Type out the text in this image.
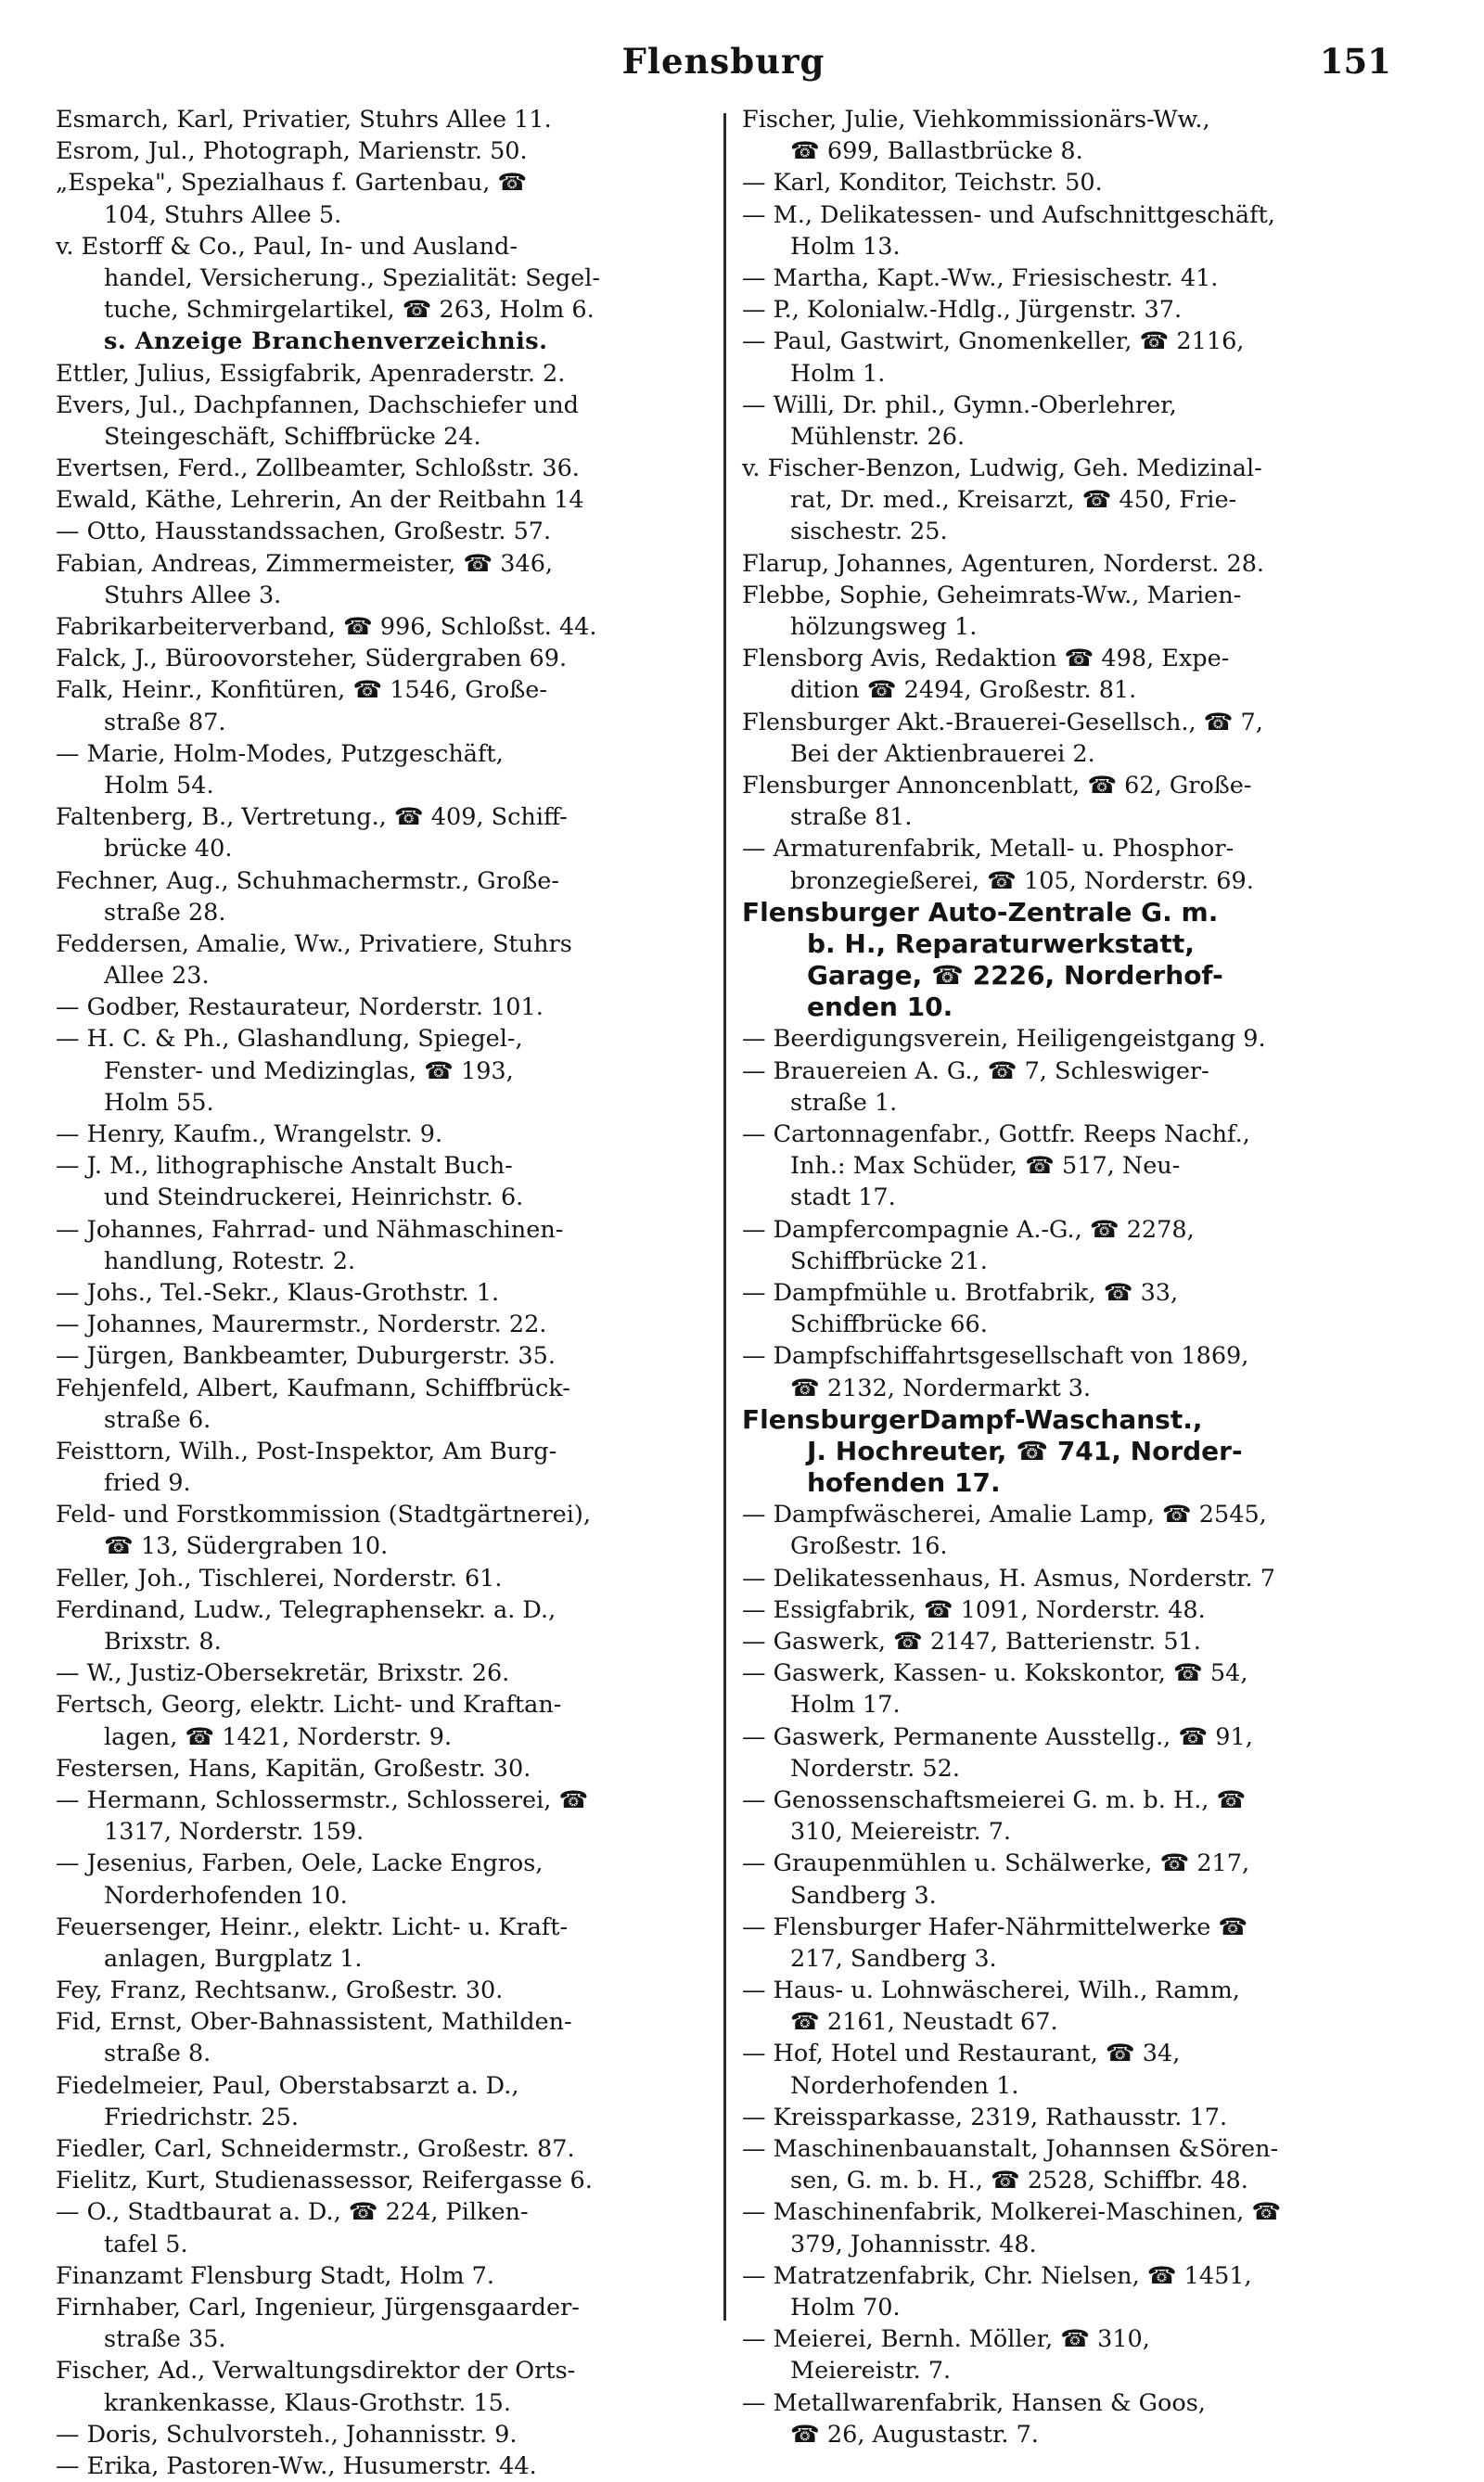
Flensburg	151
Esmarch, Karl, Privatier, Stuhrs Allee 11.
Esrom, Jul., Photograph, Marienstr. 50.
„Espeka", Spezialhaus f. Gartenbau, ☎
104, Stuhrs Allee 5.
v. Estorff & Co., Paul, In- und Ausland-
handel, Versicherung., Spezialität: Segel-
tuche, Schmirgelartikel, ☎ 263, Holm 6.
s. Anzeige Branchenverzeichnis.
Ettler, Julius, Essigfabrik, Apenraderstr. 2.
Evers, Jul., Dachpfannen, Dachschiefer und
Steingeschäft, Schiffbrücke 24.
Evertsen, Ferd., Zollbeamter, Schloßstr. 36.
Ewald, Käthe, Lehrerin, An der Reitbahn 14
— Otto, Hausstandssachen, Großestr. 57.
Fabian, Andreas, Zimmermeister, ☎ 346,
Stuhrs Allee 3.
Fabrikarbeiterverband, ☎ 996, Schloßst. 44.
Falck, J., Büroovorsteher, Südergraben 69.
Falk, Heinr., Konfitüren, ☎ 1546, Große-
straße 87.
— Marie, Holm-Modes, Putzgeschäft,
Holm 54.
Faltenberg, B., Vertretung., ☎ 409, Schiff-
brücke 40.
Fechner, Aug., Schuhmachermstr., Große-
straße 28.
Feddersen, Amalie, Ww., Privatiere, Stuhrs
Allee 23.
— Godber, Restaurateur, Norderstr. 101.
— H. C. & Ph., Glashandlung, Spiegel-,
Fenster- und Medizinglas, ☎ 193,
Holm 55.
— Henry, Kaufm., Wrangelstr. 9.
— J. M., lithographische Anstalt Buch-
und Steindruckerei, Heinrichstr. 6.
— Johannes, Fahrrad- und Nähmaschinen-
handlung, Rotestr. 2.
— Johs., Tel.-Sekr., Klaus-Grothstr. 1.
— Johannes, Maurermstr., Norderstr. 22.
— Jürgen, Bankbeamter, Duburgerstr. 35.
Fehjenfeld, Albert, Kaufmann, Schiffbrück-
straße 6.
Feisttorn, Wilh., Post-Inspektor, Am Burg-
fried 9.
Feld- und Forstkommission (Stadtgärtnerei),
☎ 13, Südergraben 10.
Feller, Joh., Tischlerei, Norderstr. 61.
Ferdinand, Ludw., Telegraphensekr. a. D.,
Brixstr. 8.
— W., Justiz-Obersekretär, Brixstr. 26.
Fertsch, Georg, elektr. Licht- und Kraftan-
lagen, ☎ 1421, Norderstr. 9.
Festersen, Hans, Kapitän, Großestr. 30.
— Hermann, Schlossermstr., Schlosserei, ☎
1317, Norderstr. 159.
— Jesenius, Farben, Oele, Lacke Engros,
Norderhofenden 10.
Feuersenger, Heinr., elektr. Licht- u. Kraft-
anlagen, Burgplatz 1.
Fey, Franz, Rechtsanw., Großestr. 30.
Fid, Ernst, Ober-Bahnassistent, Mathilden-
straße 8.
Fiedelmeier, Paul, Oberstabsarzt a. D.,
Friedrichstr. 25.
Fiedler, Carl, Schneidermstr., Großestr. 87.
Fielitz, Kurt, Studienassessor, Reifergasse 6.
— O., Stadtbaurat a. D., ☎ 224, Pilken-
tafel 5.
Finanzamt Flensburg Stadt, Holm 7.
Firnhaber, Carl, Ingenieur, Jürgensgaarder-
straße 35.
Fischer, Ad., Verwaltungsdirektor der Orts-
krankenkasse, Klaus-Grothstr. 15.
— Doris, Schulvorsteh., Johannisstr. 9.
— Erika, Pastoren-Ww., Husumerstr. 44.
Fischer, Julie, Viehkommissionärs-Ww.,
☎ 699, Ballastbrücke 8.
— Karl, Konditor, Teichstr. 50.
— M., Delikatessen- und Aufschnittgeschäft,
Holm 13.
— Martha, Kapt.-Ww., Friesischestr. 41.
— P., Kolonialw.-Hdlg., Jürgenstr. 37.
— Paul, Gastwirt, Gnomenkeller, ☎ 2116,
Holm 1.
— Willi, Dr. phil., Gymn.-Oberlehrer,
Mühlenstr. 26.
v. Fischer-Benzon, Ludwig, Geh. Medizinal-
rat, Dr. med., Kreisarzt, ☎ 450, Frie-
sischestr. 25.
Flarup, Johannes, Agenturen, Norderst. 28.
Flebbe, Sophie, Geheimrats-Ww., Marien-
hölzungsweg 1.
Flensborg Avis, Redaktion ☎ 498, Expe-
dition ☎ 2494, Großestr. 81.
Flensburger Akt.-Brauerei-Gesellsch., ☎ 7,
Bei der Aktienbrauerei 2.
Flensburger Annoncenblatt, ☎ 62, Große-
straße 81.
— Armaturenfabrik, Metall- u. Phosphor-
bronzegießerei, ☎ 105, Norderstr. 69.
Flensburger Auto-Zentrale G. m.
b. H., Reparaturwerkstatt,
Garage, ☎ 2226, Norderhof-
enden 10.
— Beerdigungsverein, Heiligengeistgang 9.
— Brauereien A. G., ☎ 7, Schleswiger-
straße 1.
— Cartonnagenfabr., Gottfr. Reeps Nachf.,
Inh.: Max Schüder, ☎ 517, Neu-
stadt 17.
— Dampfercompagnie A.-G., ☎ 2278,
Schiffbrücke 21.
— Dampfmühle u. Brotfabrik, ☎ 33,
Schiffbrücke 66.
— Dampfschiffahrtsgesellschaft von 1869,
☎ 2132, Nordermarkt 3.
FlensburgerDampf-Waschanst.,
J. Hochreuter, ☎ 741, Norder-
hofenden 17.
— Dampfwäscherei, Amalie Lamp, ☎ 2545,
Großestr. 16.
— Delikatessenhaus, H. Asmus, Norderstr. 7
— Essigfabrik, ☎ 1091, Norderstr. 48.
— Gaswerk, ☎ 2147, Batterienstr. 51.
— Gaswerk, Kassen- u. Kokskontor, ☎ 54,
Holm 17.
— Gaswerk, Permanente Ausstellg., ☎ 91,
Norderstr. 52.
— Genossenschaftsmeierei G. m. b. H., ☎
310, Meiereistr. 7.
— Graupenmühlen u. Schälwerke, ☎ 217,
Sandberg 3.
— Flensburger Hafer-Nährmittelwerke ☎
217, Sandberg 3.
— Haus- u. Lohnwäscherei, Wilh., Ramm,
☎ 2161, Neustadt 67.
— Hof, Hotel und Restaurant, ☎ 34,
Norderhofenden 1.
— Kreissparkasse, 2319, Rathausstr. 17.
— Maschinenbauanstalt, Johannsen &Sören-
sen, G. m. b. H., ☎ 2528, Schiffbr. 48.
— Maschinenfabrik, Molkerei-Maschinen, ☎
379, Johannisstr. 48.
— Matratzenfabrik, Chr. Nielsen, ☎ 1451,
Holm 70.
— Meierei, Bernh. Möller, ☎ 310,
Meiereistr. 7.
— Metallwarenfabrik, Hansen & Goos,
☎ 26, Augustastr. 7.
